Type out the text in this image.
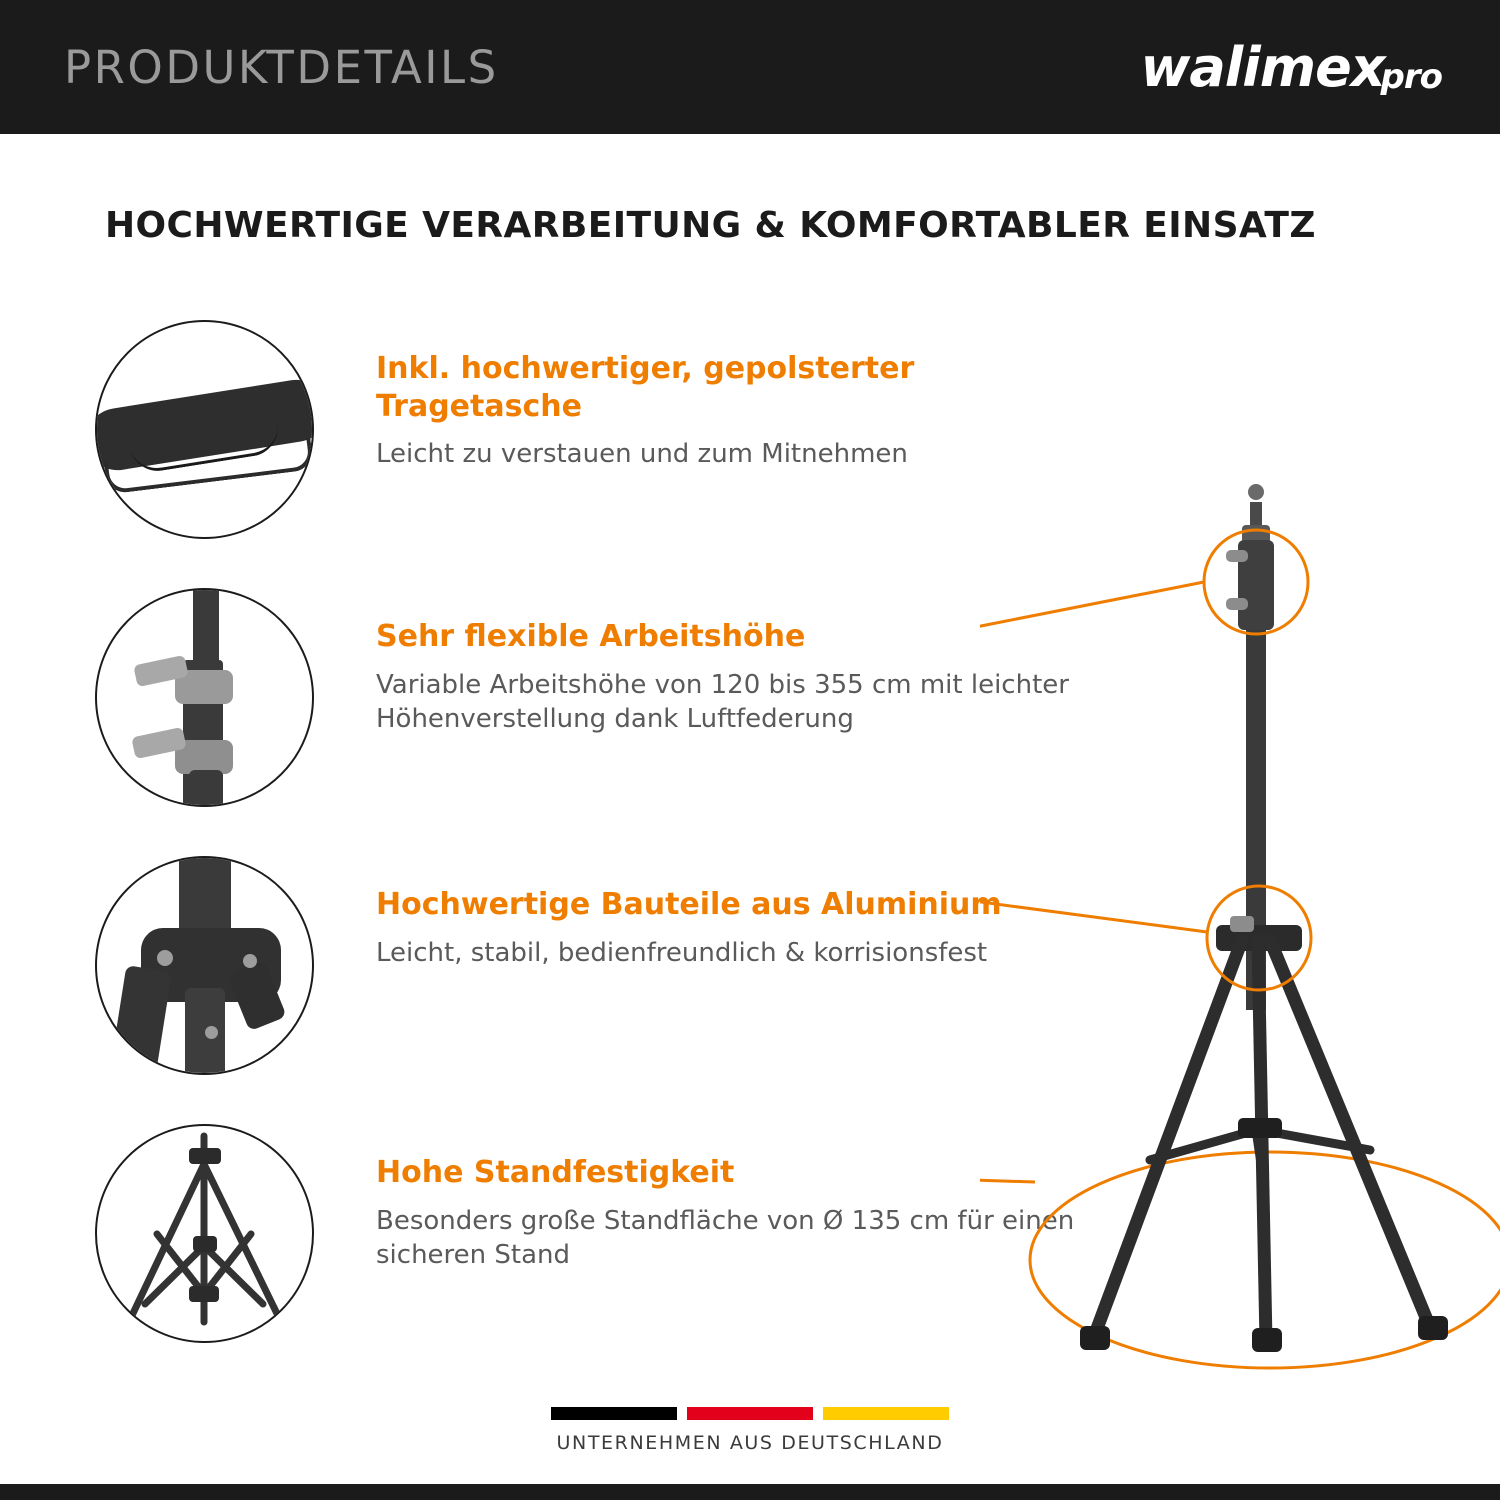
PRODUKTDETAILS	walimex
pro
HOCHWERTIGE VERARBEITUNG & KOMFORTABLER EINSATZ
Inkl. hochwertiger, gepolsterter Tragetasche
Leicht zu verstauen und zum Mitnehmen
Sehr flexible Arbeitshöhe
Variable Arbeitshöhe von 120 bis 355 cm mit leichter Höhenverstellung dank Luftfederung
Hochwertige Bauteile aus Aluminium
Leicht, stabil, bedienfreundlich & korrisionsfest
Hohe Standfestigkeit
Besonders große Standfläche von Ø 135 cm für einen sicheren Stand
UNTERNEHMEN AUS DEUTSCHLAND
